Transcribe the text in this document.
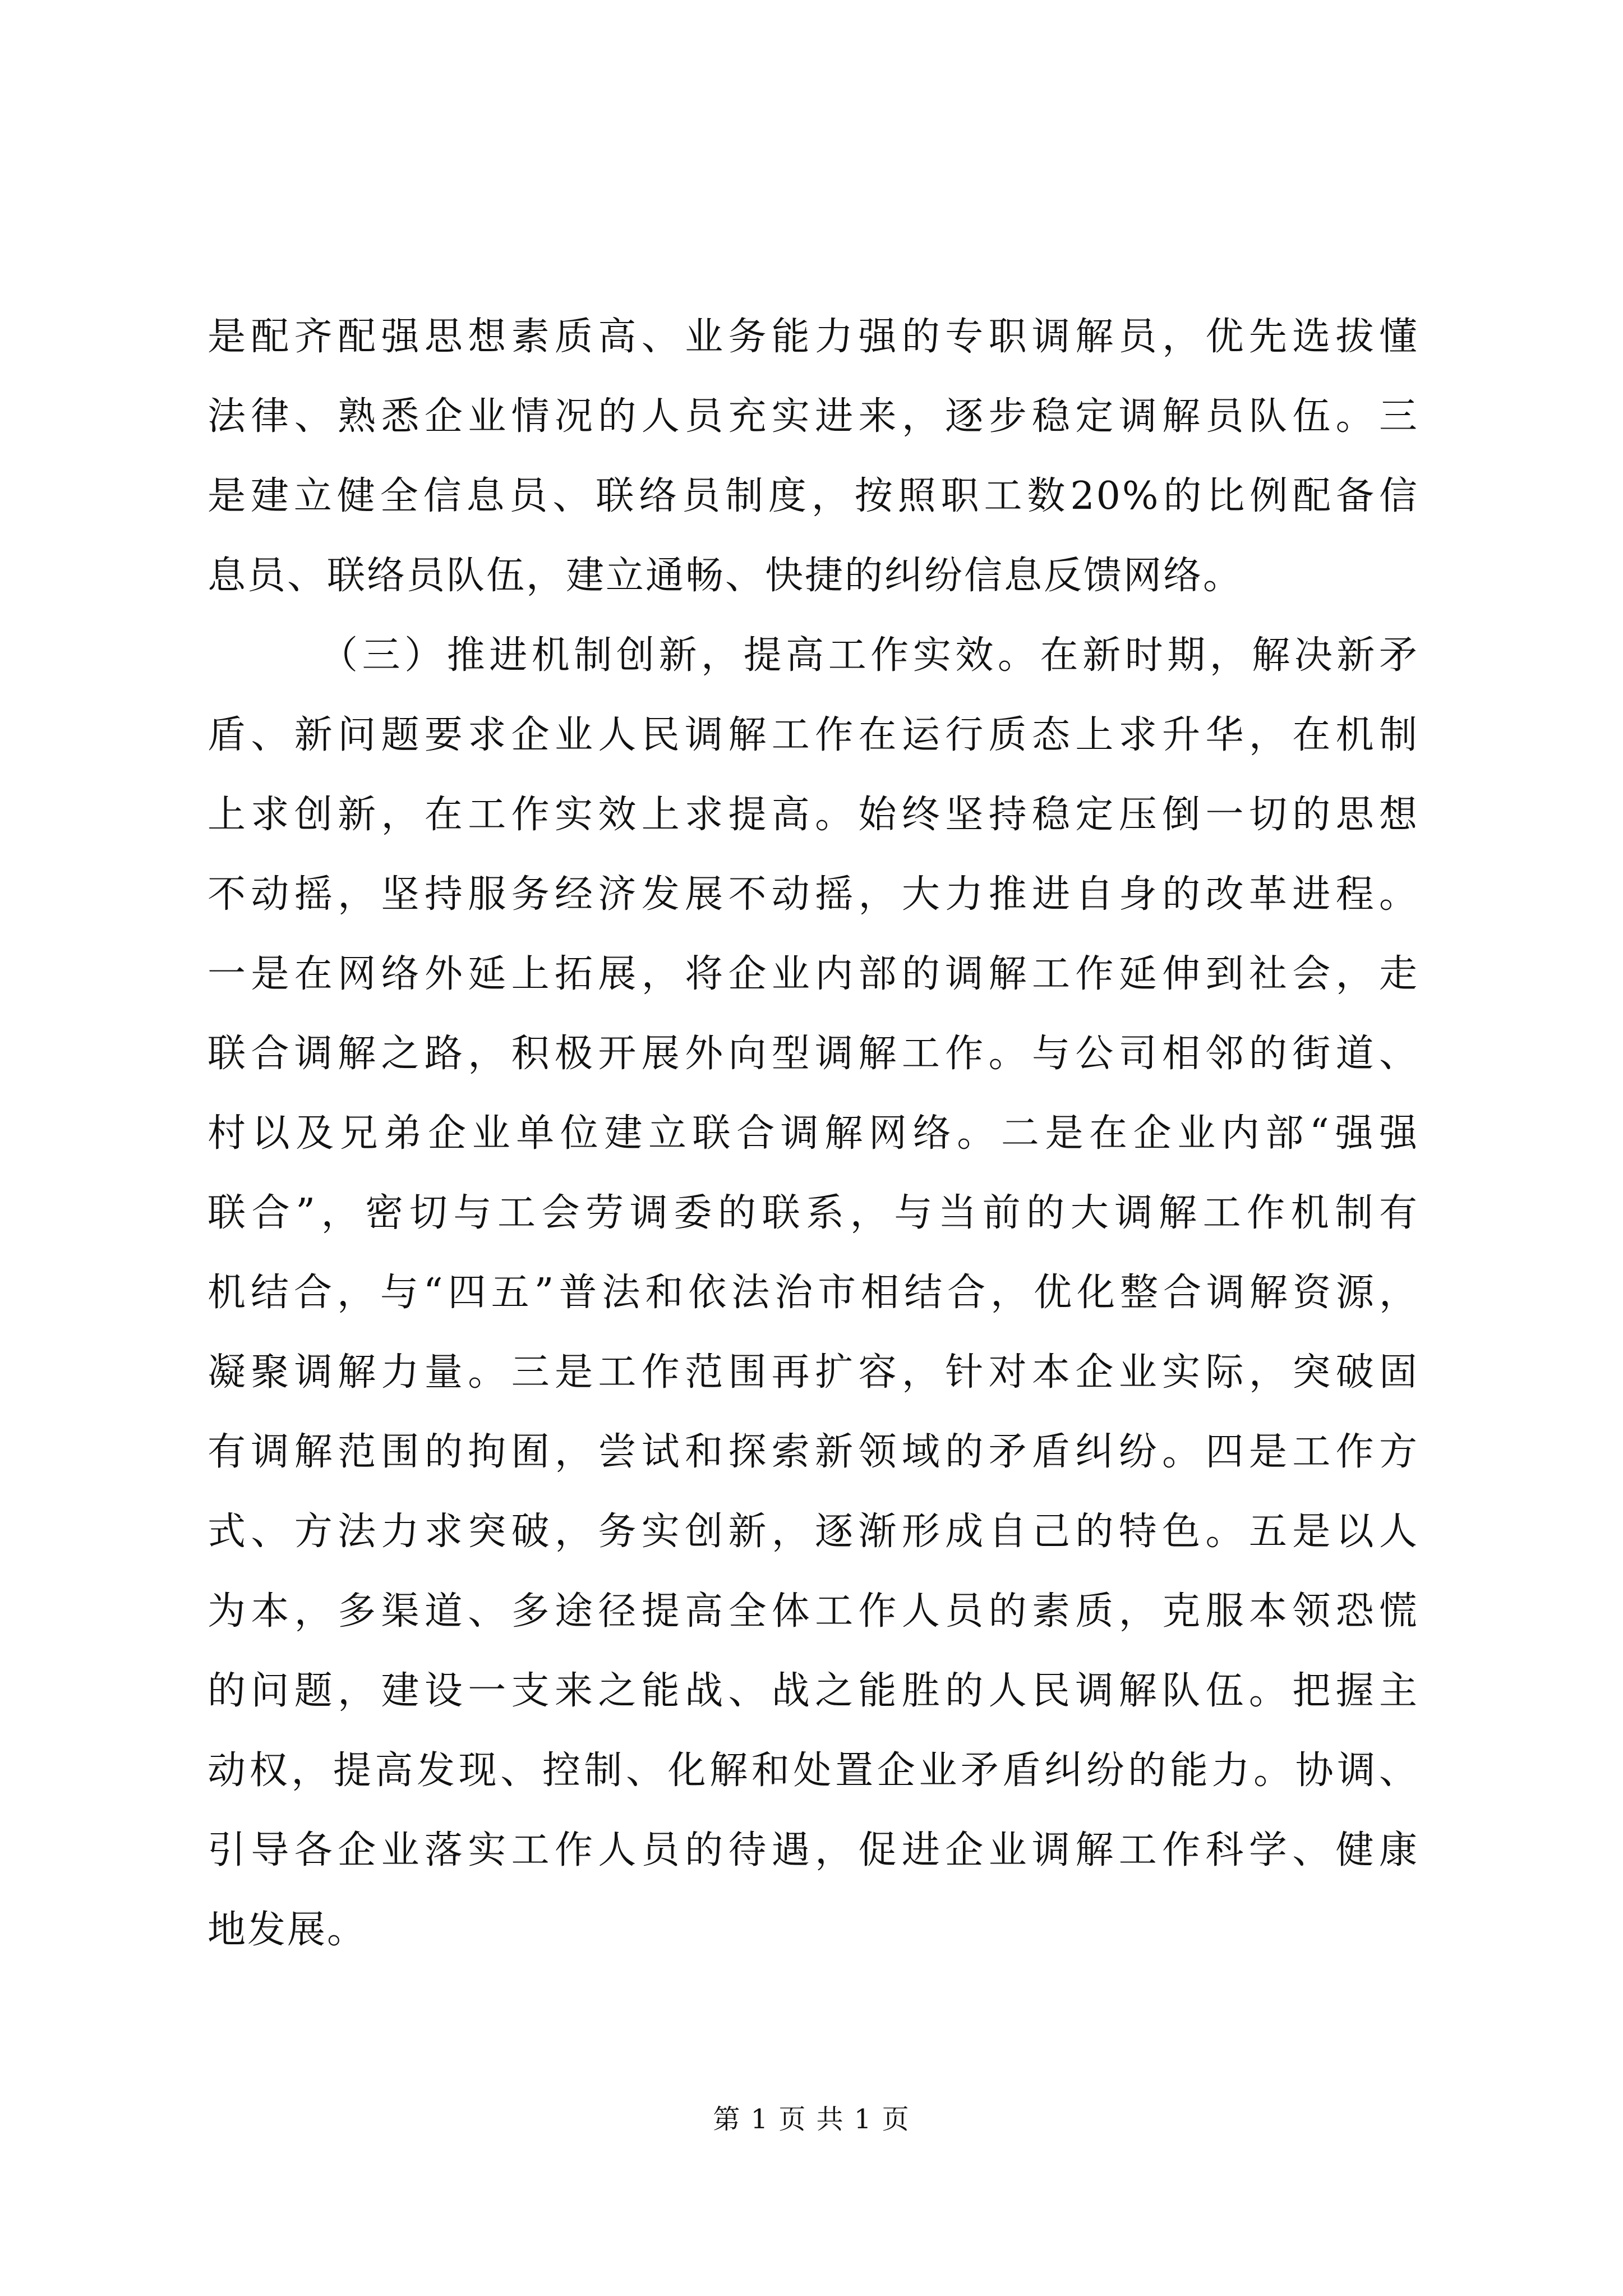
是配齐配强思想素质高、业务能力强的专职调解员，优先选拔懂
法律、熟悉企业情况的人员充实进来，逐步稳定调解员队伍。三
是建立健全信息员、联络员制度，按照职工数20%的比例配备信
息员、联络员队伍，建立通畅、快捷的纠纷信息反馈网络。
（三）推进机制创新，提高工作实效。在新时期，解决新矛
盾、新问题要求企业人民调解工作在运行质态上求升华，在机制
上求创新，在工作实效上求提高。始终坚持稳定压倒一切的思想
不动摇，坚持服务经济发展不动摇，大力推进自身的改革进程。
一是在网络外延上拓展，将企业内部的调解工作延伸到社会，走
联合调解之路，积极开展外向型调解工作。与公司相邻的街道、
村以及兄弟企业单位建立联合调解网络。二是在企业内部“强强
联合”，密切与工会劳调委的联系，与当前的大调解工作机制有
机结合，与“四五”普法和依法治市相结合，优化整合调解资源，
凝聚调解力量。三是工作范围再扩容，针对本企业实际，突破固
有调解范围的拘囿，尝试和探索新领域的矛盾纠纷。四是工作方
式、方法力求突破，务实创新，逐渐形成自己的特色。五是以人
为本，多渠道、多途径提高全体工作人员的素质，克服本领恐慌
的问题，建设一支来之能战、战之能胜的人民调解队伍。把握主
动权，提高发现、控制、化解和处置企业矛盾纠纷的能力。协调、
引导各企业落实工作人员的待遇，促进企业调解工作科学、健康
地发展。
第 1 页 共 1 页
